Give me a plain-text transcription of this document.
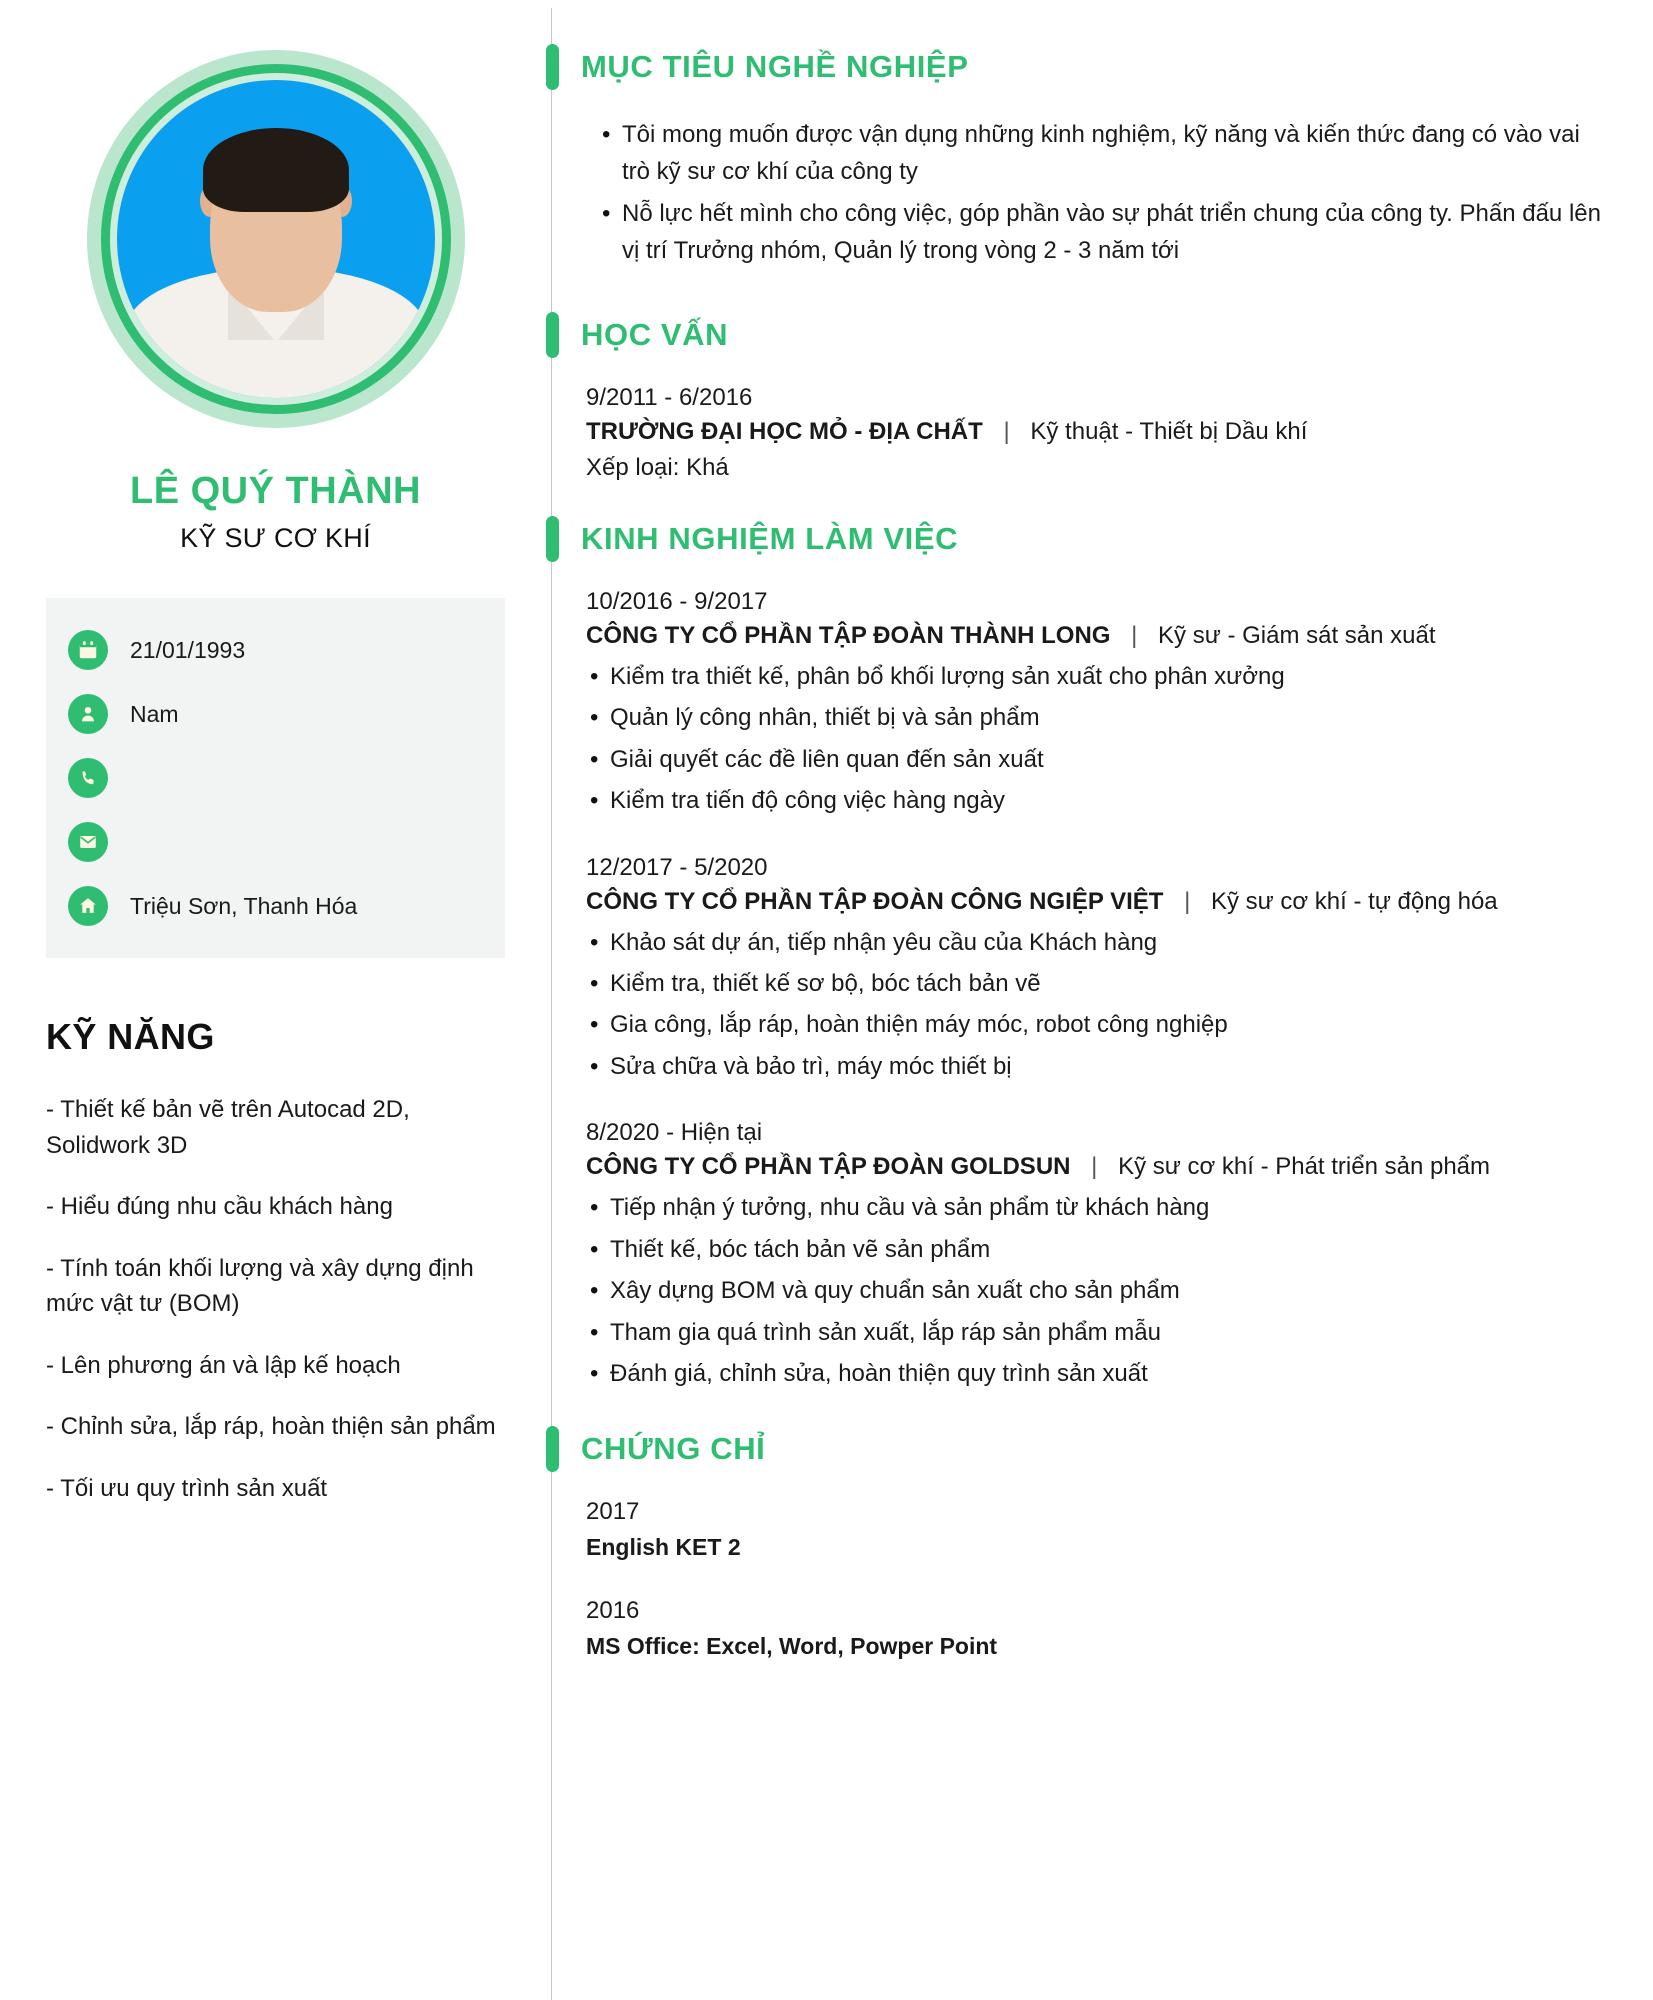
LÊ QUÝ THÀNH
KỸ SƯ CƠ KHÍ
21/01/1993
Nam
Triệu Sơn, Thanh Hóa
KỸ NĂNG
- Thiết kế bản vẽ trên Autocad 2D, Solidwork 3D
- Hiểu đúng nhu cầu khách hàng
- Tính toán khối lượng và xây dựng định mức vật tư (BOM)
- Lên phương án và lập kế hoạch
- Chỉnh sửa, lắp ráp, hoàn thiện sản phẩm
- Tối ưu quy trình sản xuất
MỤC TIÊU NGHỀ NGHIỆP
• Tôi mong muốn được vận dụng những kinh nghiệm, kỹ năng và kiến thức đang có vào vai trò kỹ sư cơ khí của công ty
• Nỗ lực hết mình cho công việc, góp phần vào sự phát triển chung của công ty. Phấn đấu lên vị trí Trưởng nhóm, Quản lý trong vòng 2 - 3 năm tới
HỌC VẤN
9/2011 - 6/2016
TRƯỜNG ĐẠI HỌC MỎ - ĐỊA CHẤT | Kỹ thuật - Thiết bị Dầu khí
Xếp loại: Khá
KINH NGHIỆM LÀM VIỆC
10/2016 - 9/2017
CÔNG TY CỔ PHẦN TẬP ĐOÀN THÀNH LONG | Kỹ sư - Giám sát sản xuất
• Kiểm tra thiết kế, phân bổ khối lượng sản xuất cho phân xưởng
• Quản lý công nhân, thiết bị và sản phẩm
• Giải quyết các đề liên quan đến sản xuất
• Kiểm tra tiến độ công việc hàng ngày
12/2017 - 5/2020
CÔNG TY CỔ PHẦN TẬP ĐOÀN CÔNG NGIỆP VIỆT | Kỹ sư cơ khí - tự động hóa
• Khảo sát dự án, tiếp nhận yêu cầu của Khách hàng
• Kiểm tra, thiết kế sơ bộ, bóc tách bản vẽ
• Gia công, lắp ráp, hoàn thiện máy móc, robot công nghiệp
• Sửa chữa và bảo trì, máy móc thiết bị
8/2020 - Hiện tại
CÔNG TY CỔ PHẦN TẬP ĐOÀN GOLDSUN | Kỹ sư cơ khí - Phát triển sản phẩm
• Tiếp nhận ý tưởng, nhu cầu và sản phẩm từ khách hàng
• Thiết kế, bóc tách bản vẽ sản phẩm
• Xây dựng BOM và quy chuẩn sản xuất cho sản phẩm
• Tham gia quá trình sản xuất, lắp ráp sản phẩm mẫu
• Đánh giá, chỉnh sửa, hoàn thiện quy trình sản xuất
CHỨNG CHỈ
2017
English KET 2
2016
MS Office: Excel, Word, Powper Point
